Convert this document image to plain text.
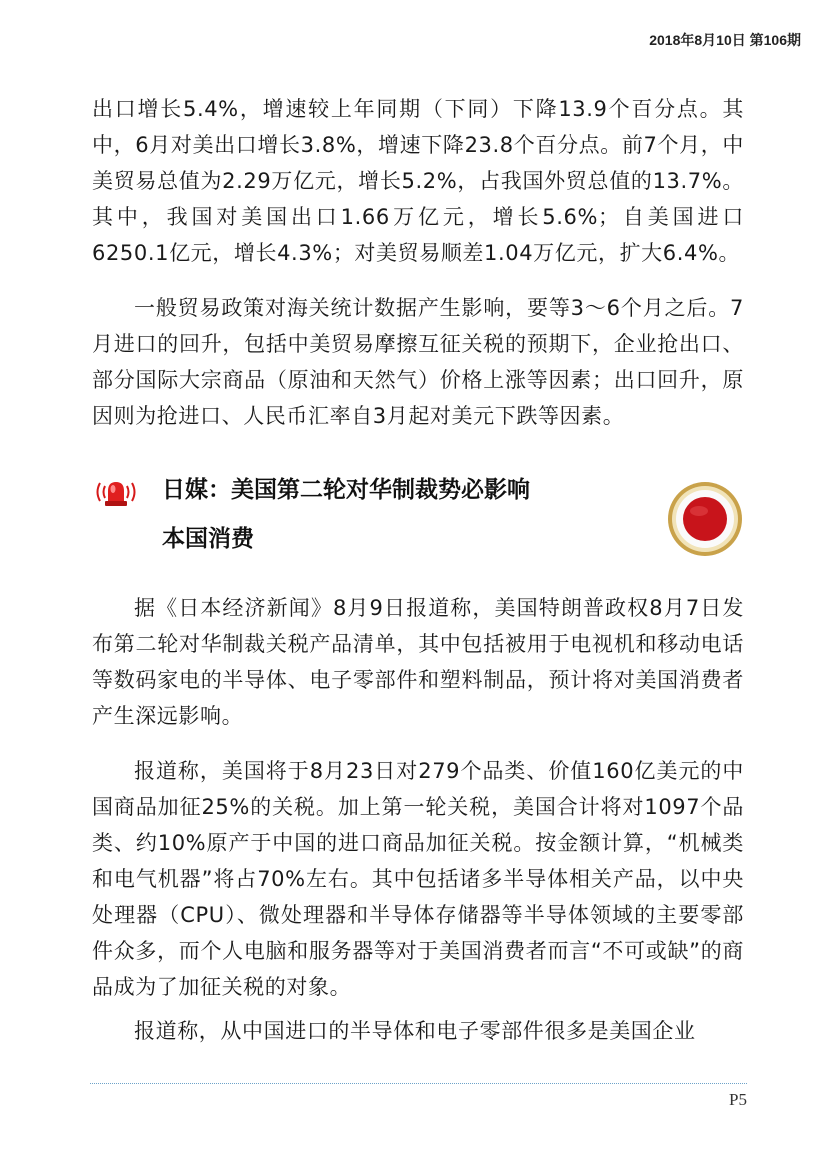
2018年8月10日 第106期

出口增长5.4%，增速较上年同期（下同）下降13.9个百分点。其中，6月对美出口增长3.8%，增速下降23.8个百分点。前7个月，中美贸易总值为2.29万亿元，增长5.2%，占我国外贸总值的13.7%。其中，我国对美国出口1.66万亿元，增长5.6%；自美国进口6250.1亿元，增长4.3%；对美贸易顺差1.04万亿元，扩大6.4%。

一般贸易政策对海关统计数据产生影响，要等3～6个月之后。7月进口的回升，包括中美贸易摩擦互征关税的预期下，企业抢出口、部分国际大宗商品（原油和天然气）价格上涨等因素；出口回升，原因则为抢进口、人民币汇率自3月起对美元下跌等因素。

日媒：美国第二轮对华制裁势必影响
本国消费

据《日本经济新闻》8月9日报道称，美国特朗普政权8月7日发布第二轮对华制裁关税产品清单，其中包括被用于电视机和移动电话等数码家电的半导体、电子零部件和塑料制品，预计将对美国消费者产生深远影响。

报道称，美国将于8月23日对279个品类、价值160亿美元的中国商品加征25%的关税。加上第一轮关税，美国合计将对1097个品类、约10%原产于中国的进口商品加征关税。按金额计算，“机械类和电气机器”将占70%左右。其中包括诸多半导体相关产品，以中央处理器（CPU）、微处理器和半导体存储器等半导体领域的主要零部件众多，而个人电脑和服务器等对于美国消费者而言“不可或缺”的商品成为了加征关税的对象。

报道称，从中国进口的半导体和电子零部件很多是美国企业

P5
